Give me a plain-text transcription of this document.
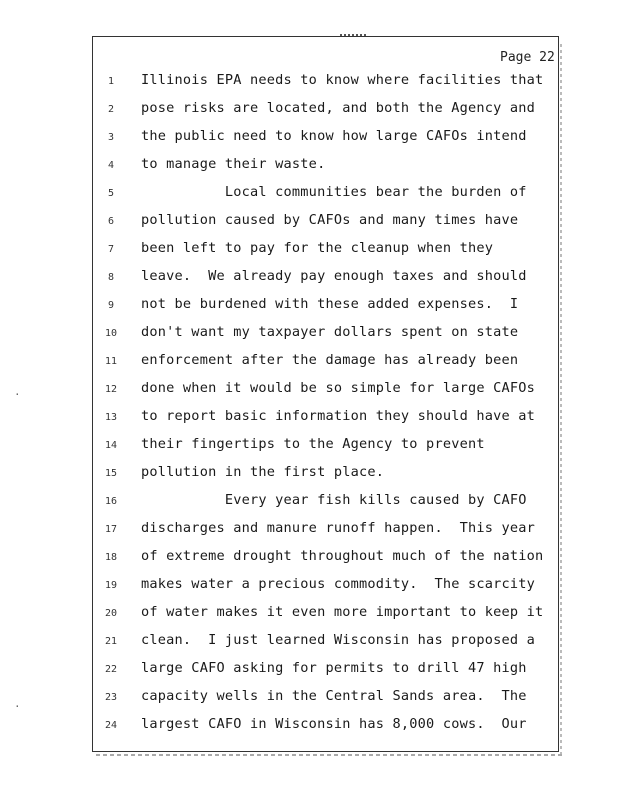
Page 22
·
·
1	Illinois EPA needs to know where facilities that
2	pose risks are located, and both the Agency and
3	the public need to know how large CAFOs intend
4	to manage their waste.
5	Local communities bear the burden of
6	pollution caused by CAFOs and many times have
7	been left to pay for the cleanup when they
8	leave.  We already pay enough taxes and should
9	not be burdened with these added expenses.  I
10	don't want my taxpayer dollars spent on state
11	enforcement after the damage has already been
12	done when it would be so simple for large CAFOs
13	to report basic information they should have at
14	their fingertips to the Agency to prevent
15	pollution in the first place.
16	Every year fish kills caused by CAFO
17	discharges and manure runoff happen.  This year
18	of extreme drought throughout much of the nation
19	makes water a precious commodity.  The scarcity
20	of water makes it even more important to keep it
21	clean.  I just learned Wisconsin has proposed a
22	large CAFO asking for permits to drill 47 high
23	capacity wells in the Central Sands area.  The
24	largest CAFO in Wisconsin has 8,000 cows.  Our
